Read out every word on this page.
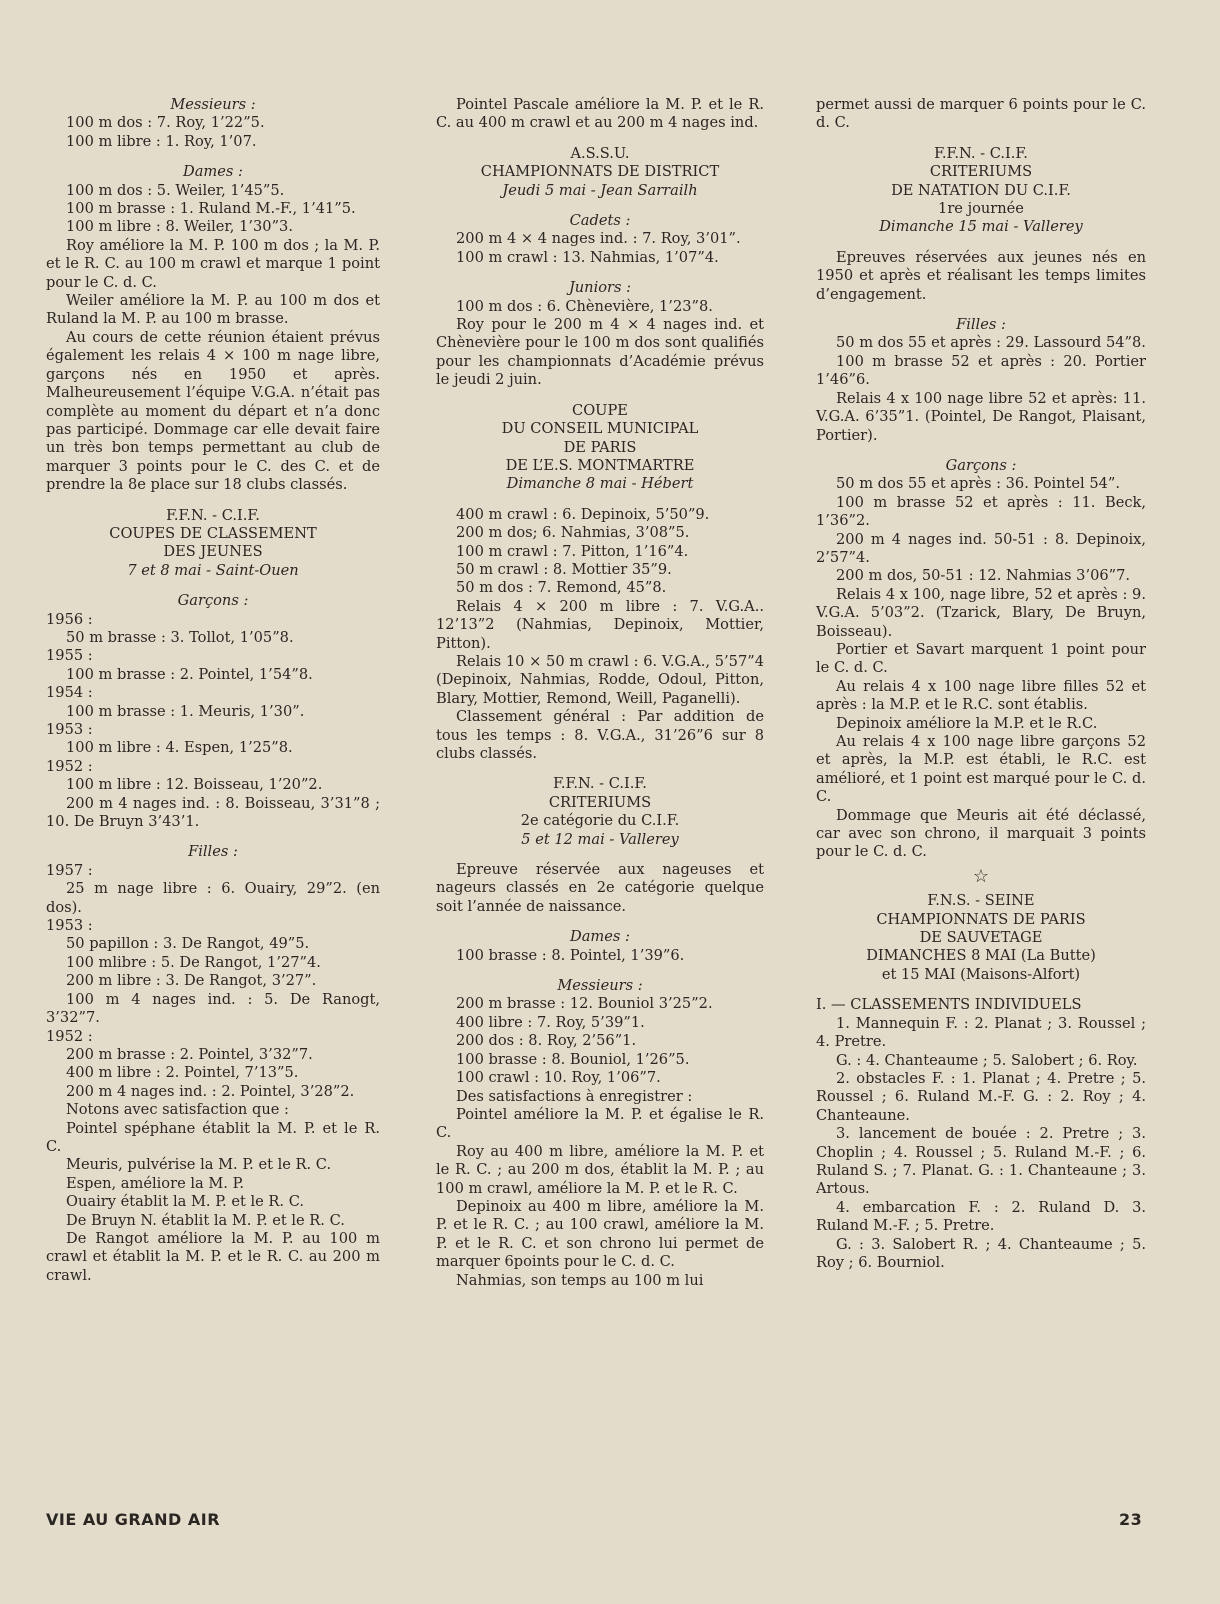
Messieurs :
100 m dos : 7. Roy, 1’22”5.
100 m libre : 1. Roy, 1’07.
Dames :
100 m dos : 5. Weiler, 1’45”5.
100 m brasse : 1. Ruland M.-F., 1’41”5.
100 m libre : 8. Weiler, 1’30”3.
Roy améliore la M. P. 100 m dos ; la M. P. et le R. C. au 100 m crawl et marque 1 point pour le C. d. C.
Weiler améliore la M. P. au 100 m dos et Ruland la M. P. au 100 m brasse.
Au cours de cette réunion étaient prévus également les relais 4 × 100 m nage libre, garçons nés en 1950 et après. Malheureusement l’équipe V.G.A. n’était pas complète au moment du départ et n’a donc pas participé. Dommage car elle devait faire un très bon temps permettant au club de marquer 3 points pour le C. des C. et de prendre la 8e place sur 18 clubs classés.
F.F.N. - C.I.F.
COUPES DE CLASSEMENT
DES JEUNES
7 et 8 mai - Saint-Ouen
Garçons :
1956 :
50 m brasse : 3. Tollot, 1’05”8.
1955 :
100 m brasse : 2. Pointel, 1’54”8.
1954 :
100 m brasse : 1. Meuris, 1’30”.
1953 :
100 m libre : 4. Espen, 1’25”8.
1952 :
100 m libre : 12. Boisseau, 1’20”2.
200 m 4 nages ind. : 8. Boisseau, 3’31”8 ; 10. De Bruyn 3’43’1.
Filles :
1957 :
25 m nage libre : 6. Ouairy, 29”2. (en dos).
1953 :
50 papillon : 3. De Rangot, 49”5.
100 mlibre : 5. De Rangot, 1’27”4.
200 m libre : 3. De Rangot, 3’27”.
100 m 4 nages ind. : 5. De Ranogt, 3’32”7.
1952 :
200 m brasse : 2. Pointel, 3’32”7.
400 m libre : 2. Pointel, 7’13”5.
200 m 4 nages ind. : 2. Pointel, 3’28”2.
Notons avec satisfaction que :
Pointel spéphane établit la M. P. et le R. C.
Meuris, pulvérise la M. P. et le R. C.
Espen, améliore la M. P.
Ouairy établit la M. P. et le R. C.
De Bruyn N. établit la M. P. et le R. C.
De Rangot améliore la M. P. au 100 m crawl et établit la M. P. et le R. C. au 200 m crawl.
Pointel Pascale améliore la M. P. et le R. C. au 400 m crawl et au 200 m 4 nages ind.
A.S.S.U.
CHAMPIONNATS DE DISTRICT
Jeudi 5 mai - Jean Sarrailh
Cadets :
200 m 4 × 4 nages ind. : 7. Roy, 3’01”.
100 m crawl : 13. Nahmias, 1’07”4.
Juniors :
100 m dos : 6. Chènevière, 1’23”8.
Roy pour le 200 m 4 × 4 nages ind. et Chènevière pour le 100 m dos sont qualifiés pour les championnats d’Académie prévus le jeudi 2 juin.
COUPE
DU CONSEIL MUNICIPAL
DE PARIS
DE L’E.S. MONTMARTRE
Dimanche 8 mai - Hébert
400 m crawl : 6. Depinoix, 5’50”9.
200 m dos; 6. Nahmias, 3’08”5.
100 m crawl : 7. Pitton, 1’16”4.
50 m crawl : 8. Mottier 35”9.
50 m dos : 7. Remond, 45”8.
Relais 4 × 200 m libre : 7. V.G.A.. 12’13”2 (Nahmias, Depinoix, Mottier, Pitton).
Relais 10 × 50 m crawl : 6. V.G.A., 5’57”4 (Depinoix, Nahmias, Rodde, Odoul, Pitton, Blary, Mottier, Remond, Weill, Paganelli).
Classement général : Par addition de tous les temps : 8. V.G.A., 31’26”6 sur 8 clubs classés.
F.F.N. - C.I.F.
CRITERIUMS
2e catégorie du C.I.F.
5 et 12 mai - Vallerey
Epreuve réservée aux nageuses et nageurs classés en 2e catégorie quelque soit l’année de naissance.
Dames :
100 brasse : 8. Pointel, 1’39”6.
Messieurs :
200 m brasse : 12. Bouniol 3’25”2.
400 libre : 7. Roy, 5’39”1.
200 dos : 8. Roy, 2’56”1.
100 brasse : 8. Bouniol, 1’26”5.
100 crawl : 10. Roy, 1’06”7.
Des satisfactions à enregistrer :
Pointel améliore la M. P. et égalise le R. C.
Roy au 400 m libre, améliore la M. P. et le R. C. ; au 200 m dos, établit la M. P. ; au 100 m crawl, améliore la M. P. et le R. C.
Depinoix au 400 m libre, améliore la M. P. et le R. C. ; au 100 crawl, améliore la M. P. et le R. C. et son chrono lui permet de marquer 6points pour le C. d. C.
Nahmias, son temps au 100 m lui
permet aussi de marquer 6 points pour le C. d. C.
F.F.N. - C.I.F.
CRITERIUMS
DE NATATION DU C.I.F.
1re journée
Dimanche 15 mai - Vallerey
Epreuves réservées aux jeunes nés en 1950 et après et réalisant les temps limites d’engagement.
Filles :
50 m dos 55 et après : 29. Lassourd 54”8.
100 m brasse 52 et après : 20. Portier 1’46”6.
Relais 4 x 100 nage libre 52 et après: 11. V.G.A. 6’35”1. (Pointel, De Rangot, Plaisant, Portier).
Garçons :
50 m dos 55 et après : 36. Pointel 54”.
100 m brasse 52 et après : 11. Beck, 1’36”2.
200 m 4 nages ind. 50-51 : 8. Depinoix, 2’57”4.
200 m dos, 50-51 : 12. Nahmias 3’06”7.
Relais 4 x 100, nage libre, 52 et après : 9. V.G.A. 5’03”2. (Tzarick, Blary, De Bruyn, Boisseau).
Portier et Savart marquent 1 point pour le C. d. C.
Au relais 4 x 100 nage libre filles 52 et après : la M.P. et le R.C. sont établis.
Depinoix améliore la M.P. et le R.C.
Au relais 4 x 100 nage libre garçons 52 et après, la M.P. est établi, le R.C. est amélioré, et 1 point est marqué pour le C. d. C.
Dommage que Meuris ait été déclassé, car avec son chrono, il marquait 3 points pour le C. d. C.
☆
F.N.S. - SEINE
CHAMPIONNATS DE PARIS
DE SAUVETAGE
DIMANCHES 8 MAI (La Butte)
et 15 MAI (Maisons-Alfort)
I. — CLASSEMENTS INDIVIDUELS
1. Mannequin F. : 2. Planat ; 3. Roussel ; 4. Pretre.
G. : 4. Chanteaume ; 5. Salobert ; 6. Roy.
2. obstacles F. : 1. Planat ; 4. Pretre ; 5. Roussel ; 6. Ruland M.-F. G. : 2. Roy ; 4. Chanteaune.
3. lancement de bouée : 2. Pretre ; 3. Choplin ; 4. Roussel ; 5. Ruland M.-F. ; 6. Ruland S. ; 7. Planat. G. : 1. Chanteaune ; 3. Artous.
4. embarcation F. : 2. Ruland D. 3. Ruland M.-F. ; 5. Pretre.
G. : 3. Salobert R. ; 4. Chanteaume ; 5. Roy ; 6. Bourniol.
VIE AU GRAND AIR	23
